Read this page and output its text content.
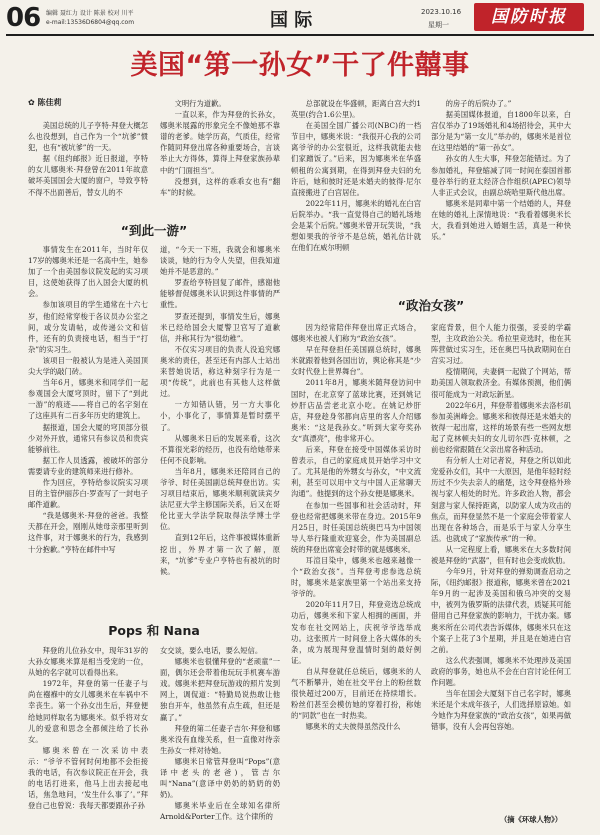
06 编辑 聂红力 设计 陈景 校对 川平
e-mail:13536D6804@qq.com	国 际	2023.10.16
星期一	国防时报
美国“第一孙女”干了件囍事
✿ 陈佳莉

美国总统的儿子亨特·拜登大概怎么也没想到，自己作为一个“坑爹”惯犯，也有“被坑爹”的一天。

据《纽约邮报》近日报道，亨特的女儿娜奥米·拜登曾在2011年故意破坏美国国会大厦的窗户，导致亨特不得不出面善后，替女儿的不

文明行为道歉。

一直以来，作为拜登的长孙女，娜奥米展露的形象完全不像她那不靠谱的老爹。她学历高，气质佳，经常作随同拜登出席各种重要场合，言谈举止大方得体，算得上拜登家族孙辈中的“门面担当”。

没想到，这样的乖乖女也有“翻车”的时候。

总部就设在华盛顿，距离白宫大约1英里(约合1.6公里)。

在美国全国广播公司(NBC)的一档节目中，娜奥米说：“我很开心我的公司离爷爷的办公室很近，这样我就能去他们家蹭饭了。”后来，因为娜奥米在华盛顿租的公寓到期，在得到拜登夫妇的允许后，她和彼时还是未婚夫的彼得·尼尔直接搬进了白宫居住。

2022年11月，娜奥米的婚礼在白宫后院举办。“我一直觉得自己的婚礼场地会是某个后院。”娜奥米曾开玩笑说，“我想如果我的爷爷不是总统，婚礼估计就在他们在威尔明顿

的房子的后院办了。”

据美国媒体报道，自1800年以来，白宫仅举办了19场婚礼和4场招待会，其中大部分是为“第一女儿”举办的，娜奥米是首位在这里结婚的“第一孙女”。

孙女的人生大事，拜登怎能错过。为了参加婚礼，拜登缩减了同一时间在泰国首都曼谷举行的亚太经济合作组织(APEC)领导人非正式会议，由副总统哈里斯代他出席。

娜奥米是同辈中第一个结婚的人，拜登在她的婚礼上深情地说：“我看着娜奥米长大，我看到她进入婚姻生活，真是一种快乐。”

“到此一游”

事情发生在2011年，当时年仅17岁的娜奥米还是一名高中生，她参加了一个由美国参议院发起的实习项目，这使她获得了出入国会大厦的机会。

参加该项目的学生通常在十六七岁，他们经常穿梭于各议员办公室之间，或分发请帖，或传递公文和信件，还有的负责接电话，相当于“打杂”的实习生。

该项目一般被认为是进入美国顶尖大学的敲门砖。

当年6月，娜奥米和同学们一起参观国会大厦穹顶时，留下了“到此一游”的痕迹——将自己的名字刻在了这座具有二百多年历史的建筑上。

据报道，国会大厦的穹顶部分很少对外开放，通常只有参议员和贵宾能够前往。

据工作人员透露，被破坏的部分需要请专业的建筑师来进行修补。

作为回应，亨特给参议院实习项目的主管伊丽莎白·罗查写了一封电子邮件道歉。

“我是娜奥米·拜登的爸爸。我整天都在开会，刚刚从她母亲那里听到这件事，对于娜奥米的行为，我感到十分抱歉。”亨特在邮件中写

道，“今天一下班，我就会和娜奥米谈谈，她的行为令人失望，但我知道她并不是恶意的。”

罗查给亨特回复了邮件，感谢他能够督促娜奥米认识到这件事情的严重性。

罗查还提到，事情发生后，娜奥米已经给国会大厦警卫官写了道歉信，并称其行为“很幼稚”。

不仅实习项目的负责人没追究娜奥米的责任，甚至还有内部人士站出来替她说话，称这种刻字行为是一项“传统”，此前也有其他人这样做过。

一方知错认错，另一方大事化小，小事化了，事情算是暂时摆平了。

从娜奥米日后的发展来看，这次不算很光彩的经历，也没有给她带来任何不良影响。

当年8月，娜奥米还陪同自己的爷爷、时任美国副总统拜登出访。实习项目结束后，娜奥米顺利就读宾夕法尼亚大学主修国际关系，后又在哥伦比亚大学法学院取得法学博士学位。

直到12年后，这件事被媒体重新挖出，外界才第一次了解，原来，“坑爹”专业户亨特也有被坑的时候。

Pops 和 Nana

拜登的儿位孙女中，现年31岁的大孙女娜奥米算是相当受宠的一位，从她的名字就可以看得出来。

1972年，拜登的第一任妻子与尚在襁褓中的女儿娜奥米在车祸中不幸丧生。第一个孙女出生后，拜登便给她同样取名为娜奥米。似乎将对女儿的爱意和思念全都倾注给了长孙女。

娜奥米曾在一次采访中表示：“爷爷不管何时何地都不会拒接我的电话，有次参议院正在开会，我的电话打进来，他马上出去接起电话，焦急地问，‘发生什么事了’。”拜登自己也曾说：我每天都要跟孙子孙

女交谈，要么电话，要么短信。

娜奥米也很懂拜登的“老顽童”一面，偶尔还会带着他玩玩手机赛车游戏。娜奥米把拜登玩游戏的照片发到网上，调侃道：“特勤局说热敢让他独自开车，他虽然有点生疏，但还是赢了。”

拜登的第二任妻子吉尔·拜登和娜奥米没有血缘关系，但一直像对待亲生孙女一样对待她。

娜奥米日常管拜登叫“Pops”(意译中老头的老爸)，管吉尔叫“Nana”(意译中奶奶的奶奶的奶奶)。

娜奥米毕业后在全球知名律所Arnold&Porter工作。这个律所的

“政治女孩”

因为经常陪伴拜登出席正式场合，娜奥米也被人们称为“政治女孩”。

早在拜登担任美国副总统时，娜奥米就跟着他到各国出访，舆论称其是“少女时代登上世界舞台”。

2011年8月，娜奥米随拜登访问中国时，在北京穿了蓝球比赛，还到姚记炒肝店品尝老北京小吃。在姚记炒肝店，拜登趁身邻都向店里的客人介绍娜奥米：“这是我孙女。”听到大家夸奖孙女“真漂亮”，他非常开心。

后来，拜登在接受中国媒体采访时曾表示，自己的家庭成员开始学习中文了。尤其是他的外甥女与孙女，“中文流利，甚至可以用中文与中国人正常聊天沟通”。他提到的这个孙女便是娜奥米。

在参加一些国事和社会活动时，拜登也经常把娜奥米带在身边。2015年9月25日，时任美国总统奥巴马为中国领导人举行隆重欢迎宴会，作为美国副总统的拜登出席宴会时带的就是娜奥米。

耳渲目染中，娜奥米也越来越像一个“政治女孩”。当拜登考虑参选总统时，娜奥米是家族里第一个站出来支持爷爷的。

2020年11月7日，拜登竞选总统成功后，娜奥米和下家人相拥的画面，并发布在社交网站上，庆祝爷爷选举成功。这张照片一时间登上各大媒体的头条，成为展现拜登温情时刻的最好例证。

自从拜登就任总统后，娜奥米的人气不断攀升，她在社交平台上的粉丝数很快超过200万，目前还在持续增长。粉丝们甚至会模仿她的穿着打扮，称她的“同款”也在一时热卖。

娜奥米的丈夫彼得虽然没什么

家庭背景，但个人能力很强，妥妥的学霸型，主攻政治公关。希拉里竞选时，他在其阵营做过实习生，还在奥巴马执政期间在白宫实习过。

疫情期间，夫妻俩一起做了个网站，帮助美国人领取救济金。有媒体预测，他们俩很可能成为一对政坛新星。

2022年6月，拜登带着娜奥米去洛杉矶参加美洲峰会。娜奥米和彼得还是未婚夫的彼得一起出席，这样的场景有些一些网友想起了克林顿夫妇的女儿切尔西·克林顿，之前也经常跟随在父亲出席各种活动。

有分析人士对记者说，拜登之所以如此宠爱孙女们，其中一大原因，是他年轻时经历过不少失去亲人的痛楚，这令拜登格外珍视与家人相处的时光。许多政治人物，都会刻意与家人保持距离，以防家人成为攻击的焦点，而拜登显然不是一个家庭会带着家人出现在各种场合，而是乐于与家人分享生活。也就成了“家族传承”的一种。

从一定程度上看，娜奥米在大多数时间被是拜登的“武器”，但有时也会变成软肋。

今年9月，针对拜登的弹劾调查启动之际，《纽约邮报》报道称，娜奥米曾在2021年9月的一起涉及美国和俄乌冲突的交易中，被列为俄罗斯的法律代表，质疑其可能借用自己拜登家族的影响力，干扰办案。娜奥米所在公司代表告诉媒体，娜奥米只在这个案子上花了3个星期，并且是在她进白宫之前。

这么代表强调，娜奥米不处理涉及美国政府的事务，她也从不会在白宫讨论任何工作问题。

当年在国会大厦刻下自己名字时，娜奥米还是个未成年孩子，人们选择原谅她。如今她作为拜登家族的“政治女孩”，如果再做错事，没有人会再包容她。

（摘《环球人物》）
